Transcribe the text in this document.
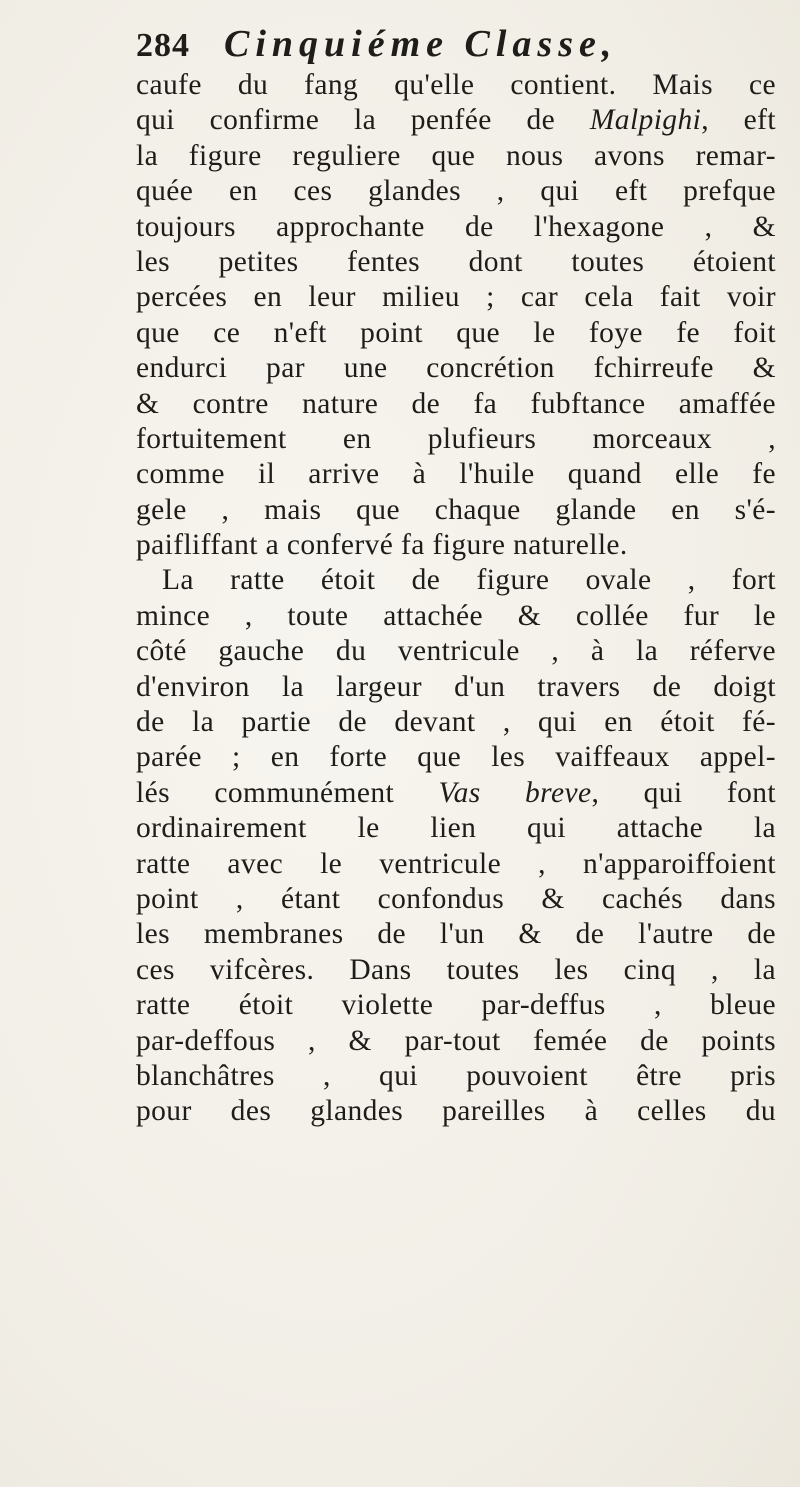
284 Cinquiéme Classe,
caufe du fang qu'elle contient. Mais ce
qui confirme la penfée de Malpighi, eft
la figure reguliere que nous avons remar-
quée en ces glandes , qui eft prefque
toujours approchante de l'hexagone , &
les petites fentes dont toutes étoient
percées en leur milieu ; car cela fait voir
que ce n'eft point que le foye fe foit
endurci par une concrétion fchirreufe &
& contre nature de fa fubftance amaffée
fortuitement en plufieurs morceaux ,
comme il arrive à l'huile quand elle fe
gele , mais que chaque glande en s'é-
paifliffant a confervé fa figure naturelle.
La ratte étoit de figure ovale , fort
mince , toute attachée & collée fur le
côté gauche du ventricule , à la réferve
d'environ la largeur d'un travers de doigt
de la partie de devant , qui en étoit fé-
parée ; en forte que les vaiffeaux appel-
lés communément Vas breve, qui font
ordinairement le lien qui attache la
ratte avec le ventricule , n'apparoiffoient
point , étant confondus & cachés dans
les membranes de l'un & de l'autre de
ces vifcères. Dans toutes les cinq , la
ratte étoit violette par-deffus , bleue
par-deffous , & par-tout femée de points
blanchâtres , qui pouvoient être pris
pour des glandes pareilles à celles du
